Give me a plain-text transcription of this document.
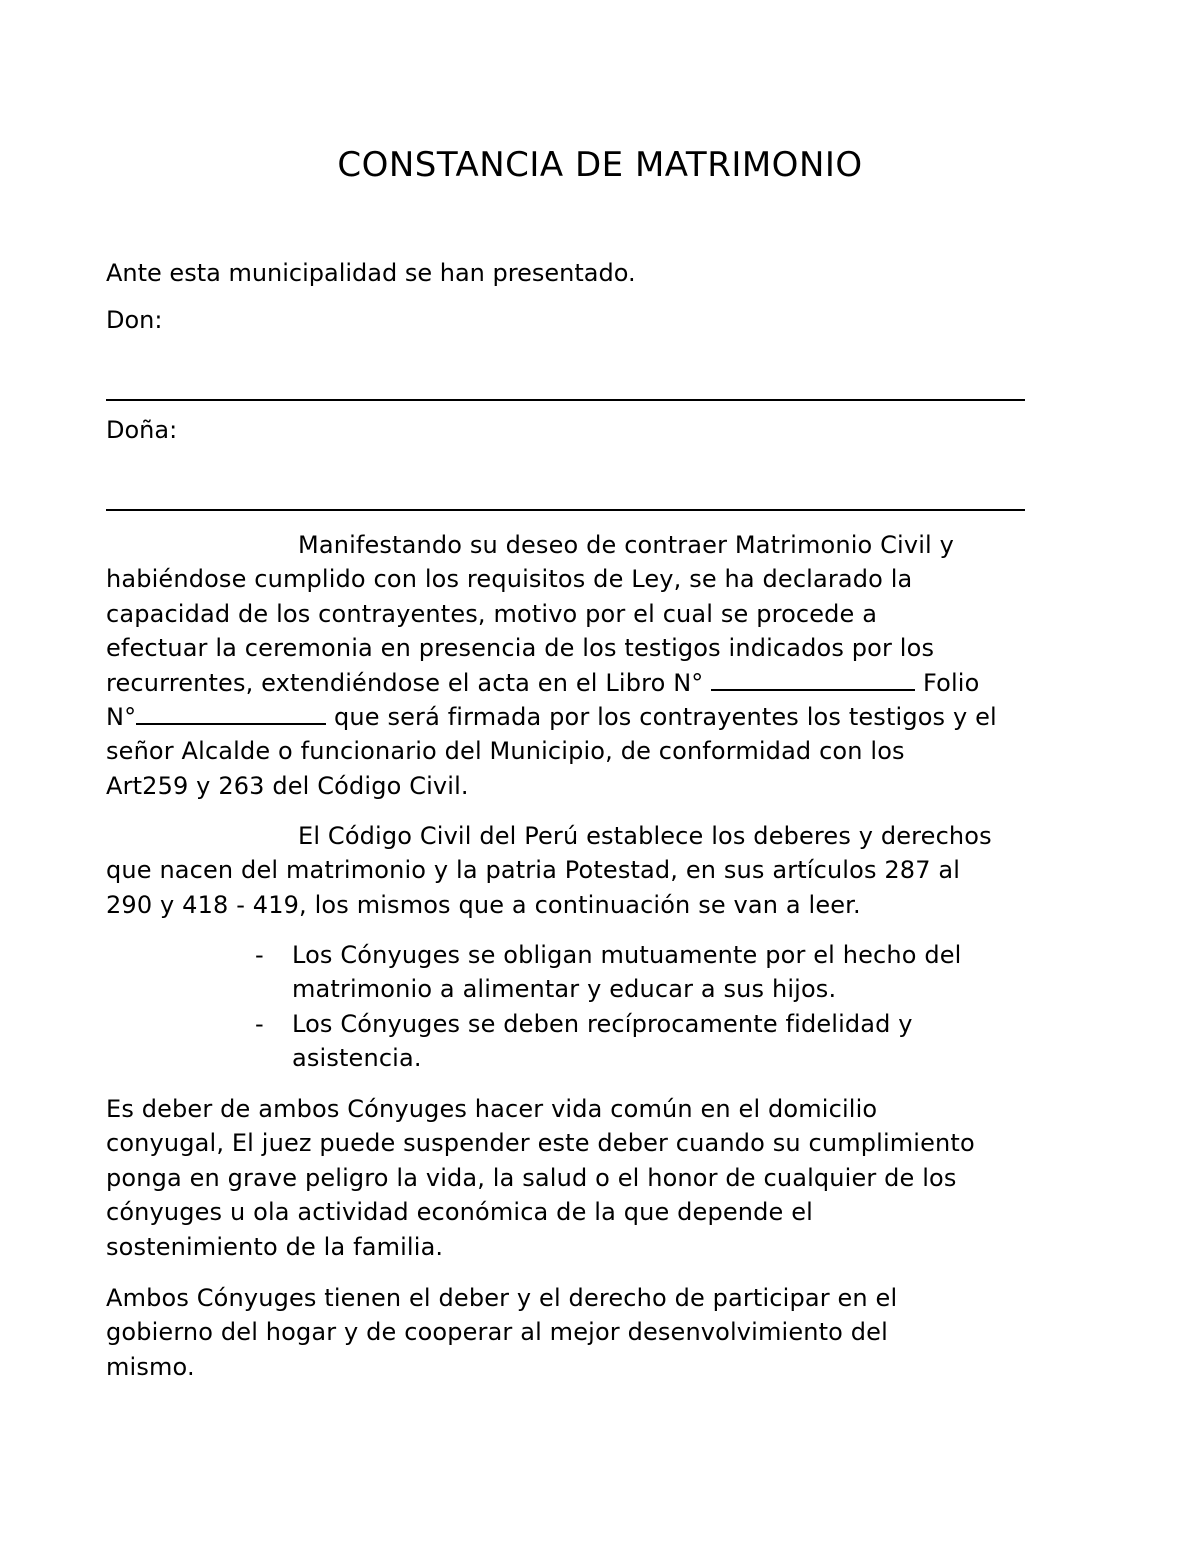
CONSTANCIA DE MATRIMONIO
Ante esta municipalidad se han presentado.
Don:
Doña:
Manifestando su deseo de contraer Matrimonio Civil y
habiéndose cumplido con los requisitos de Ley, se ha declarado la
capacidad de los contrayentes, motivo por el cual se procede a
efectuar la ceremonia en presencia de los testigos indicados por los
recurrentes, extendiéndose el acta en el Libro N°	Folio
N°	que será firmada por los contrayentes los testigos y el
señor Alcalde o funcionario del Municipio, de conformidad con los
Art259 y 263 del Código Civil.
El Código Civil del Perú establece los deberes y derechos
que nacen del matrimonio y la patria Potestad, en sus artículos 287 al
290 y 418 - 419, los mismos que a continuación se van a leer.
- Los Cónyuges se obligan mutuamente por el hecho del
matrimonio a alimentar y educar a sus hijos.
- Los Cónyuges se deben recíprocamente fidelidad y
asistencia.
Es deber de ambos Cónyuges hacer vida común en el domicilio
conyugal, El juez puede suspender este deber cuando su cumplimiento
ponga en grave peligro la vida, la salud o el honor de cualquier de los
cónyuges u ola actividad económica de la que depende el
sostenimiento de la familia.
Ambos Cónyuges tienen el deber y el derecho de participar en el
gobierno del hogar y de cooperar al mejor desenvolvimiento del
mismo.
